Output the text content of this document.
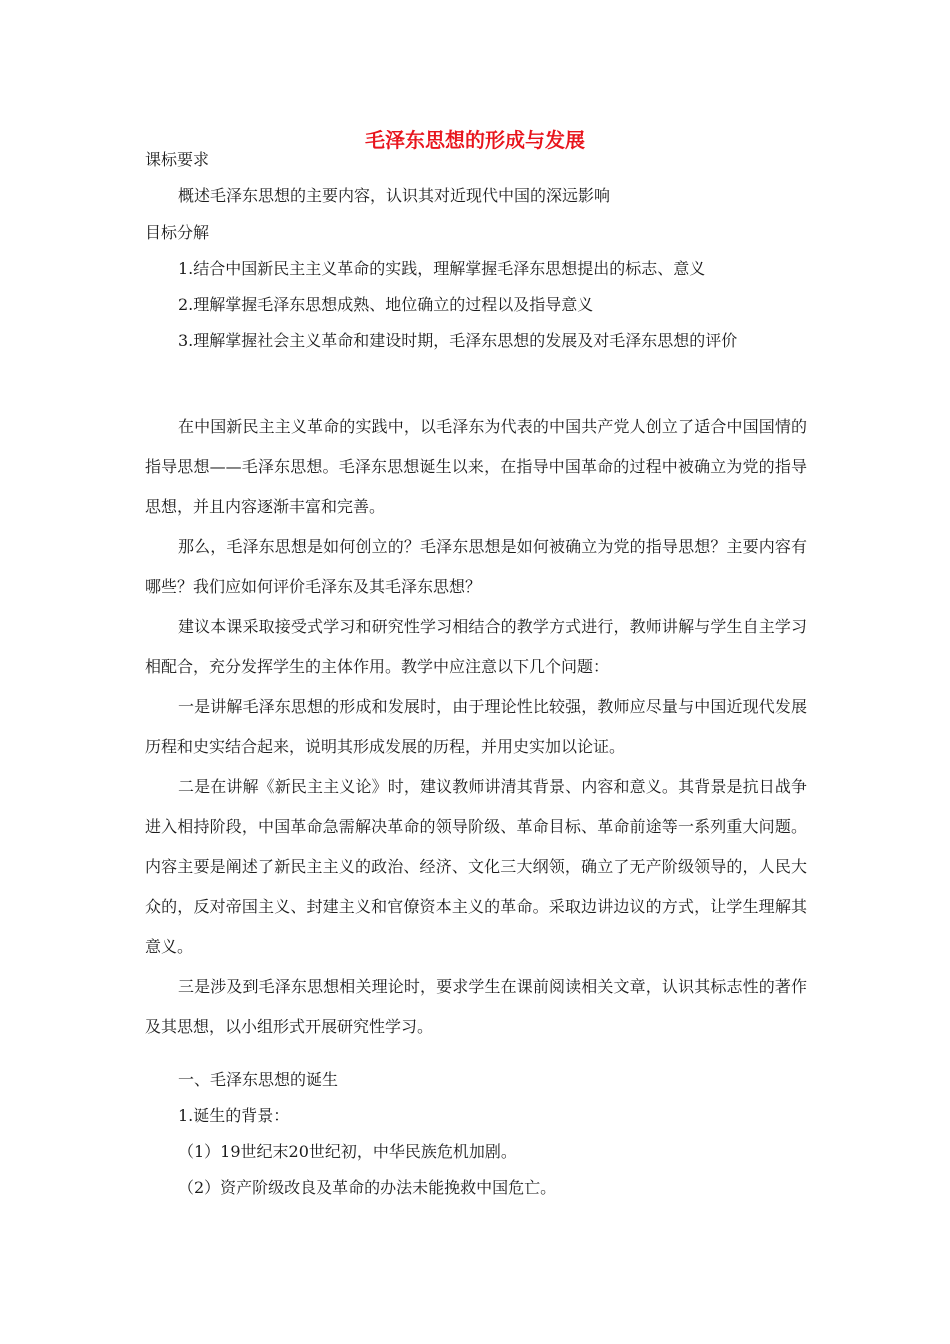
毛泽东思想的形成与发展
课标要求
概述毛泽东思想的主要内容，认识其对近现代中国的深远影响
目标分解
1.结合中国新民主主义革命的实践，理解掌握毛泽东思想提出的标志、意义
2.理解掌握毛泽东思想成熟、地位确立的过程以及指导意义
3.理解掌握社会主义革命和建设时期，毛泽东思想的发展及对毛泽东思想的评价

在中国新民主主义革命的实践中，以毛泽东为代表的中国共产党人创立了适合中国国情的指导思想——毛泽东思想。毛泽东思想诞生以来，在指导中国革命的过程中被确立为党的指导思想，并且内容逐渐丰富和完善。

那么，毛泽东思想是如何创立的？毛泽东思想是如何被确立为党的指导思想？主要内容有哪些？我们应如何评价毛泽东及其毛泽东思想？

建议本课采取接受式学习和研究性学习相结合的教学方式进行，教师讲解与学生自主学习相配合，充分发挥学生的主体作用。教学中应注意以下几个问题：

一是讲解毛泽东思想的形成和发展时，由于理论性比较强，教师应尽量与中国近现代发展历程和史实结合起来，说明其形成发展的历程，并用史实加以论证。

二是在讲解《新民主主义论》时，建议教师讲清其背景、内容和意义。其背景是抗日战争进入相持阶段，中国革命急需解决革命的领导阶级、革命目标、革命前途等一系列重大问题。内容主要是阐述了新民主主义的政治、经济、文化三大纲领，确立了无产阶级领导的，人民大众的，反对帝国主义、封建主义和官僚资本主义的革命。采取边讲边议的方式，让学生理解其意义。

三是涉及到毛泽东思想相关理论时，要求学生在课前阅读相关文章，认识其标志性的著作及其思想，以小组形式开展研究性学习。

一、毛泽东思想的诞生
1.诞生的背景：
（1）19世纪末20世纪初，中华民族危机加剧。
（2）资产阶级改良及革命的办法未能挽救中国危亡。
